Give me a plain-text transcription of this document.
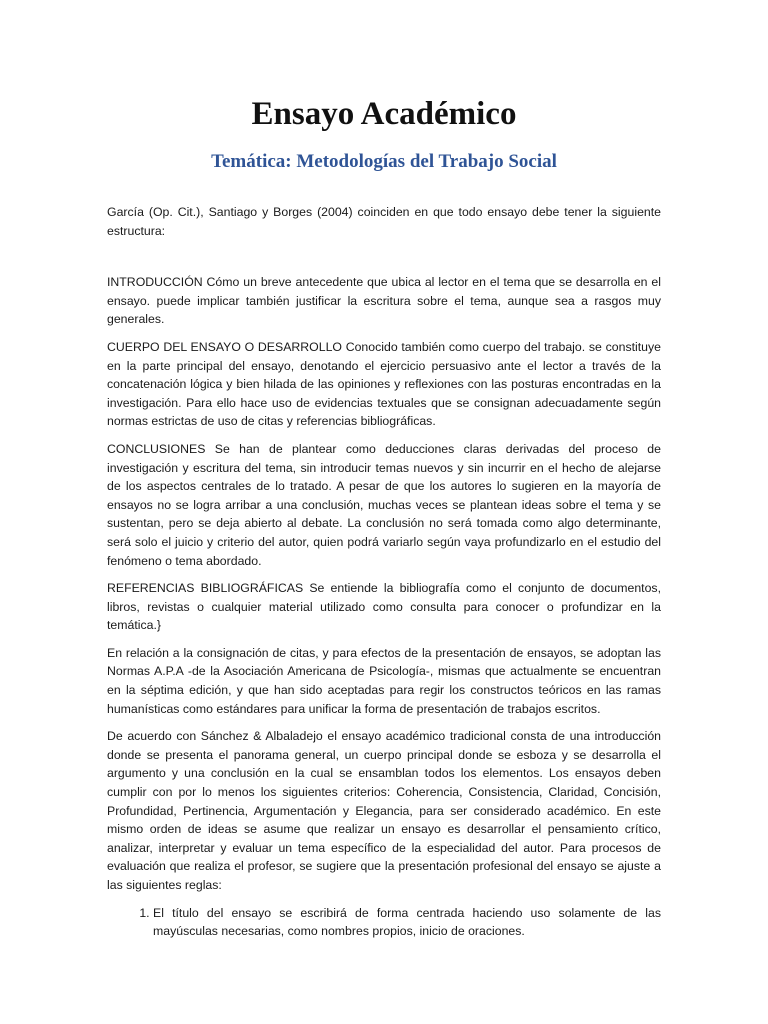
Ensayo Académico
Temática: Metodologías del Trabajo Social

García (Op. Cit.), Santiago y Borges (2004) coinciden en que todo ensayo debe tener la siguiente estructura:

INTRODUCCIÓN Cómo un breve antecedente que ubica al lector en el tema que se desarrolla en el ensayo. puede implicar también justificar la escritura sobre el tema, aunque sea a rasgos muy generales.

CUERPO DEL ENSAYO O DESARROLLO Conocido también como cuerpo del trabajo. se constituye en la parte principal del ensayo, denotando el ejercicio persuasivo ante el lector a través de la concatenación lógica y bien hilada de las opiniones y reflexiones con las posturas encontradas en la investigación. Para ello hace uso de evidencias textuales que se consignan adecuadamente según normas estrictas de uso de citas y referencias bibliográficas.

CONCLUSIONES Se han de plantear como deducciones claras derivadas del proceso de investigación y escritura del tema, sin introducir temas nuevos y sin incurrir en el hecho de alejarse de los aspectos centrales de lo tratado. A pesar de que los autores lo sugieren en la mayoría de ensayos no se logra arribar a una conclusión, muchas veces se plantean ideas sobre el tema y se sustentan, pero se deja abierto al debate. La conclusión no será tomada como algo determinante, será solo el juicio y criterio del autor, quien podrá variarlo según vaya profundizarlo en el estudio del fenómeno o tema abordado.

REFERENCIAS BIBLIOGRÁFICAS Se entiende la bibliografía como el conjunto de documentos, libros, revistas o cualquier material utilizado como consulta para conocer o profundizar en la temática.}

En relación a la consignación de citas, y para efectos de la presentación de ensayos, se adoptan las Normas A.P.A -de la Asociación Americana de Psicología-, mismas que actualmente se encuentran en la séptima edición, y que han sido aceptadas para regir los constructos teóricos en las ramas humanísticas como estándares para unificar la forma de presentación de trabajos escritos.

De acuerdo con Sánchez & Albaladejo el ensayo académico tradicional consta de una introducción donde se presenta el panorama general, un cuerpo principal donde se esboza y se desarrolla el argumento y una conclusión en la cual se ensamblan todos los elementos. Los ensayos deben cumplir con por lo menos los siguientes criterios: Coherencia, Consistencia, Claridad, Concisión, Profundidad, Pertinencia, Argumentación y Elegancia, para ser considerado académico. En este mismo orden de ideas se asume que realizar un ensayo es desarrollar el pensamiento crítico, analizar, interpretar y evaluar un tema específico de la especialidad del autor. Para procesos de evaluación que realiza el profesor, se sugiere que la presentación profesional del ensayo se ajuste a las siguientes reglas:

1. El título del ensayo se escribirá de forma centrada haciendo uso solamente de las mayúsculas necesarias, como nombres propios, inicio de oraciones.
